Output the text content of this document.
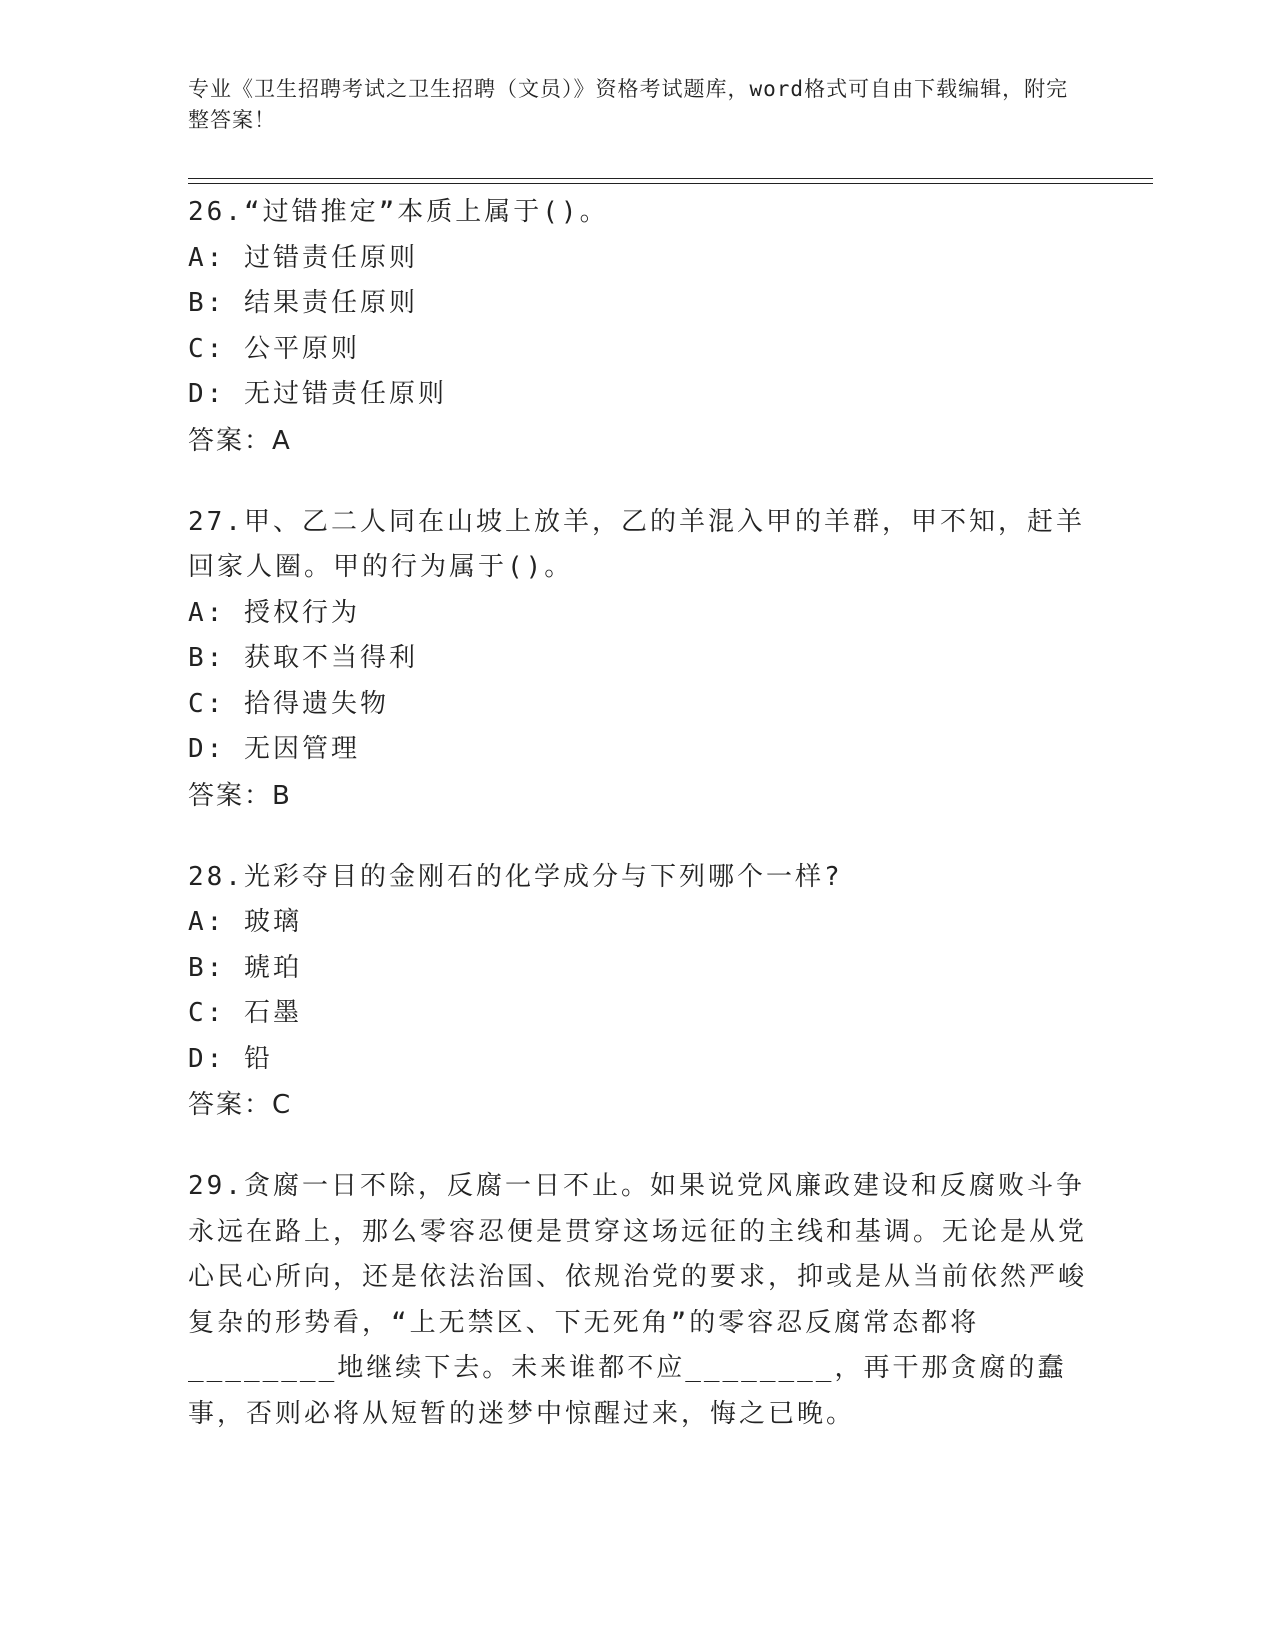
专业《卫生招聘考试之卫生招聘（文员）》资格考试题库，word格式可自由下载编辑，附完整答案！
26.“过错推定”本质上属于()。
A: 过错责任原则
B: 结果责任原则
C: 公平原则
D: 无过错责任原则
答案：A
27.甲、乙二人同在山坡上放羊，乙的羊混入甲的羊群，甲不知，赶羊回家人圈。甲的行为属于()。
A: 授权行为
B: 获取不当得利
C: 拾得遗失物
D: 无因管理
答案：B
28.光彩夺目的金刚石的化学成分与下列哪个一样?
A: 玻璃
B: 琥珀
C: 石墨
D: 铅
答案：C
29.贪腐一日不除，反腐一日不止。如果说党风廉政建设和反腐败斗争永远在路上，那么零容忍便是贯穿这场远征的主线和基调。无论是从党心民心所向，还是依法治国、依规治党的要求，抑或是从当前依然严峻复杂的形势看，“上无禁区、下无死角”的零容忍反腐常态都将________地继续下去。未来谁都不应________，再干那贪腐的蠢事，否则必将从短暂的迷梦中惊醒过来，悔之已晚。
